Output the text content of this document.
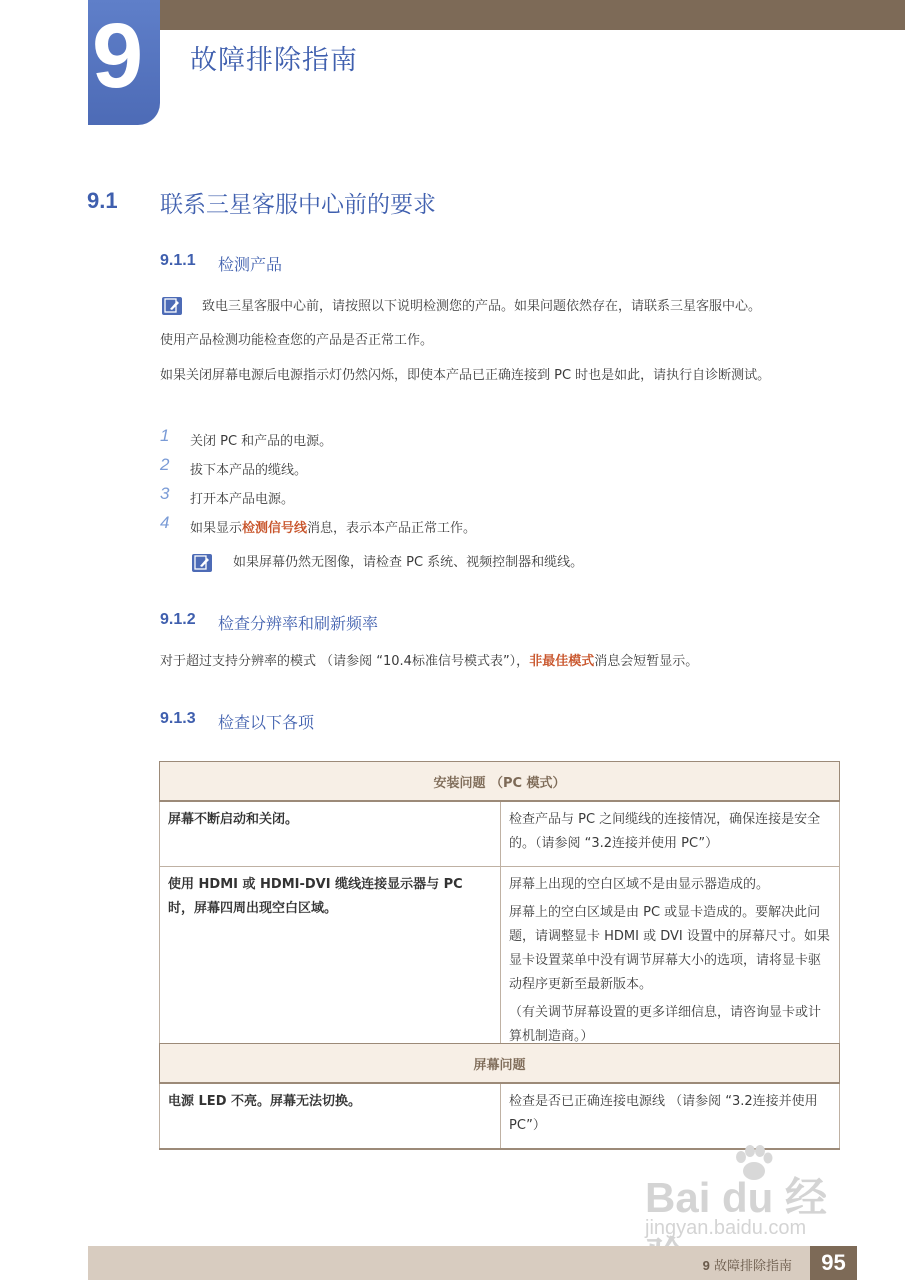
9 故障排除指南
9.1 联系三星客服中心前的要求
9.1.1 检测产品
致电三星客服中心前，请按照以下说明检测您的产品。如果问题依然存在，请联系三星客服中心。
使用产品检测功能检查您的产品是否正常工作。
如果关闭屏幕电源后电源指示灯仍然闪烁，即使本产品已正确连接到 PC 时也是如此，请执行自诊断测试。
1 关闭 PC 和产品的电源。
2 拔下本产品的缆线。
3 打开本产品电源。
4 如果显示检测信号线消息，表示本产品正常工作。
如果屏幕仍然无图像，请检查 PC 系统、视频控制器和缆线。
9.1.2 检查分辨率和刷新频率
对于超过支持分辨率的模式 （请参阅 “10.4标准信号模式表”），非最佳模式消息会短暂显示。
9.1.3 检查以下各项
安装问题 （PC 模式）	
屏幕不断启动和关闭。	检查产品与 PC 之间缆线的连接情况，确保连接是安全的。（请参阅 “3.2连接并使用 PC”）

使用 HDMI 或 HDMI-DVI 缆线连接显示器与 PC 时，屏幕四周出现空白区域。	屏幕上出现的空白区域不是由显示器造成的。

屏幕上的空白区域是由 PC 或显卡造成的。要解决此问题，请调整显卡 HDMI 或 DVI 设置中的屏幕尺寸。如果显卡设置菜单中没有调节屏幕大小的选项，请将显卡驱动程序更新至最新版本。

（有关调节屏幕设置的更多详细信息，请咨询显卡或计算机制造商。）

屏幕问题
电源 LED 不亮。屏幕无法切换。	检查是否已正确连接电源线 （请参阅 “3.2连接并使用 PC”）

Bai du 经
jingyan.baidu.com
9 故障排除指南	95
